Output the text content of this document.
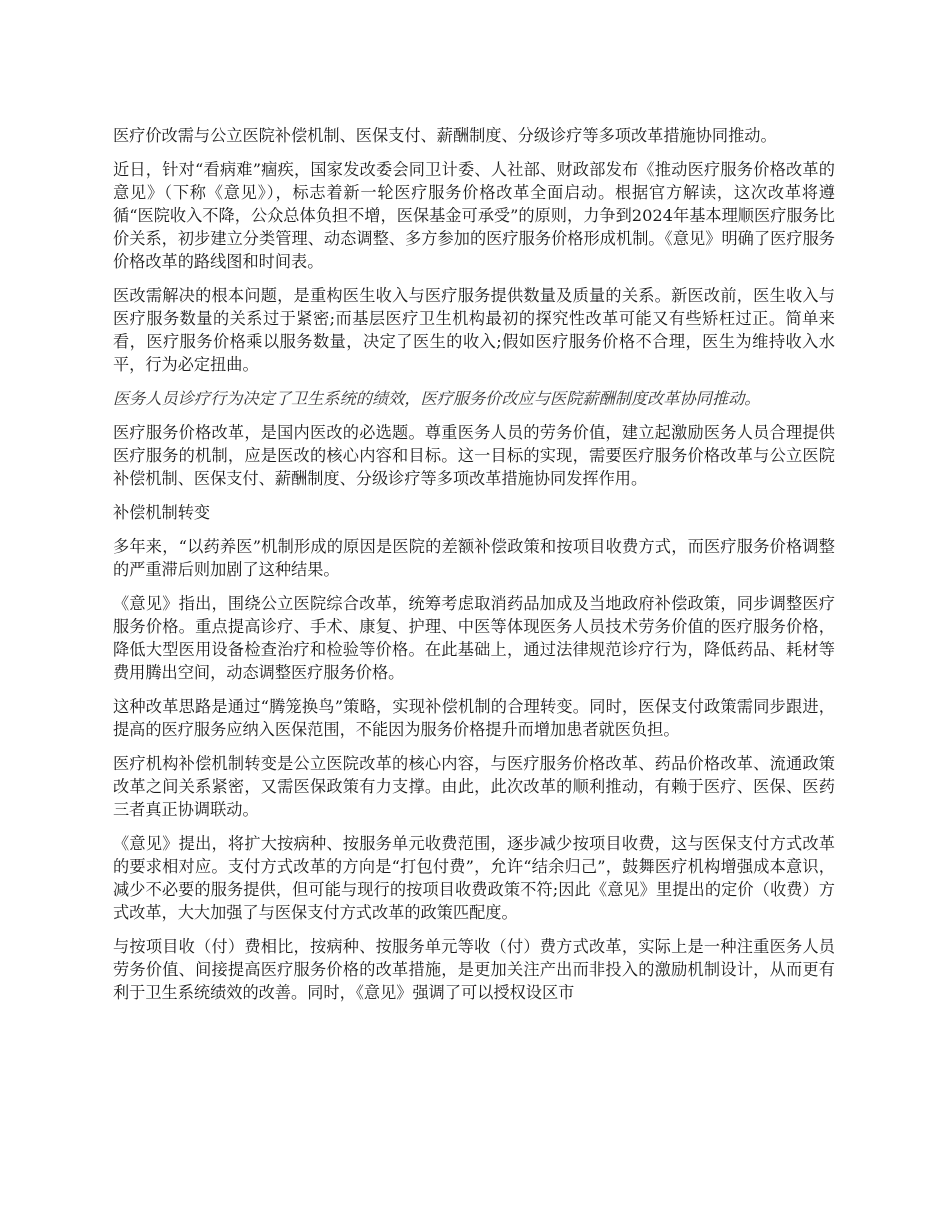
医疗价改需与公立医院补偿机制、医保支付、薪酬制度、分级诊疗等多项改革措施协同推动。

近日，针对“看病难”痼疾，国家发改委会同卫计委、人社部、财政部发布《推动医疗服务价格改革的意见》（下称《意见》），标志着新一轮医疗服务价格改革全面启动。根据官方解读，这次改革将遵循“医院收入不降，公众总体负担不增，医保基金可承受”的原则，力争到2024年基本理顺医疗服务比价关系，初步建立分类管理、动态调整、多方参加的医疗服务价格形成机制。《意见》明确了医疗服务价格改革的路线图和时间表。

医改需解决的根本问题，是重构医生收入与医疗服务提供数量及质量的关系。新医改前，医生收入与医疗服务数量的关系过于紧密;而基层医疗卫生机构最初的探究性改革可能又有些矫枉过正。简单来看，医疗服务价格乘以服务数量，决定了医生的收入;假如医疗服务价格不合理，医生为维持收入水平，行为必定扭曲。

医务人员诊疗行为决定了卫生系统的绩效，医疗服务价改应与医院薪酬制度改革协同推动。

医疗服务价格改革，是国内医改的必选题。尊重医务人员的劳务价值，建立起激励医务人员合理提供医疗服务的机制，应是医改的核心内容和目标。这一目标的实现，需要医疗服务价格改革与公立医院补偿机制、医保支付、薪酬制度、分级诊疗等多项改革措施协同发挥作用。

补偿机制转变

多年来，“以药养医”机制形成的原因是医院的差额补偿政策和按项目收费方式，而医疗服务价格调整的严重滞后则加剧了这种结果。

《意见》指出，围绕公立医院综合改革，统筹考虑取消药品加成及当地政府补偿政策，同步调整医疗服务价格。重点提高诊疗、手术、康复、护理、中医等体现医务人员技术劳务价值的医疗服务价格，降低大型医用设备检查治疗和检验等价格。在此基础上，通过法律规范诊疗行为，降低药品、耗材等费用腾出空间，动态调整医疗服务价格。

这种改革思路是通过“腾笼换鸟”策略，实现补偿机制的合理转变。同时，医保支付政策需同步跟进，提高的医疗服务应纳入医保范围，不能因为服务价格提升而增加患者就医负担。

医疗机构补偿机制转变是公立医院改革的核心内容，与医疗服务价格改革、药品价格改革、流通政策改革之间关系紧密，又需医保政策有力支撑。由此，此次改革的顺利推动，有赖于医疗、医保、医药三者真正协调联动。

《意见》提出，将扩大按病种、按服务单元收费范围，逐步减少按项目收费，这与医保支付方式改革的要求相对应。支付方式改革的方向是“打包付费”，允许“结余归己”，鼓舞医疗机构增强成本意识，减少不必要的服务提供，但可能与现行的按项目收费政策不符;因此《意见》里提出的定价（收费）方式改革，大大加强了与医保支付方式改革的政策匹配度。

与按项目收（付）费相比，按病种、按服务单元等收（付）费方式改革，实际上是一种注重医务人员劳务价值、间接提高医疗服务价格的改革措施，是更加关注产出而非投入的激励机制设计，从而更有利于卫生系统绩效的改善。同时，《意见》强调了可以授权设区市
